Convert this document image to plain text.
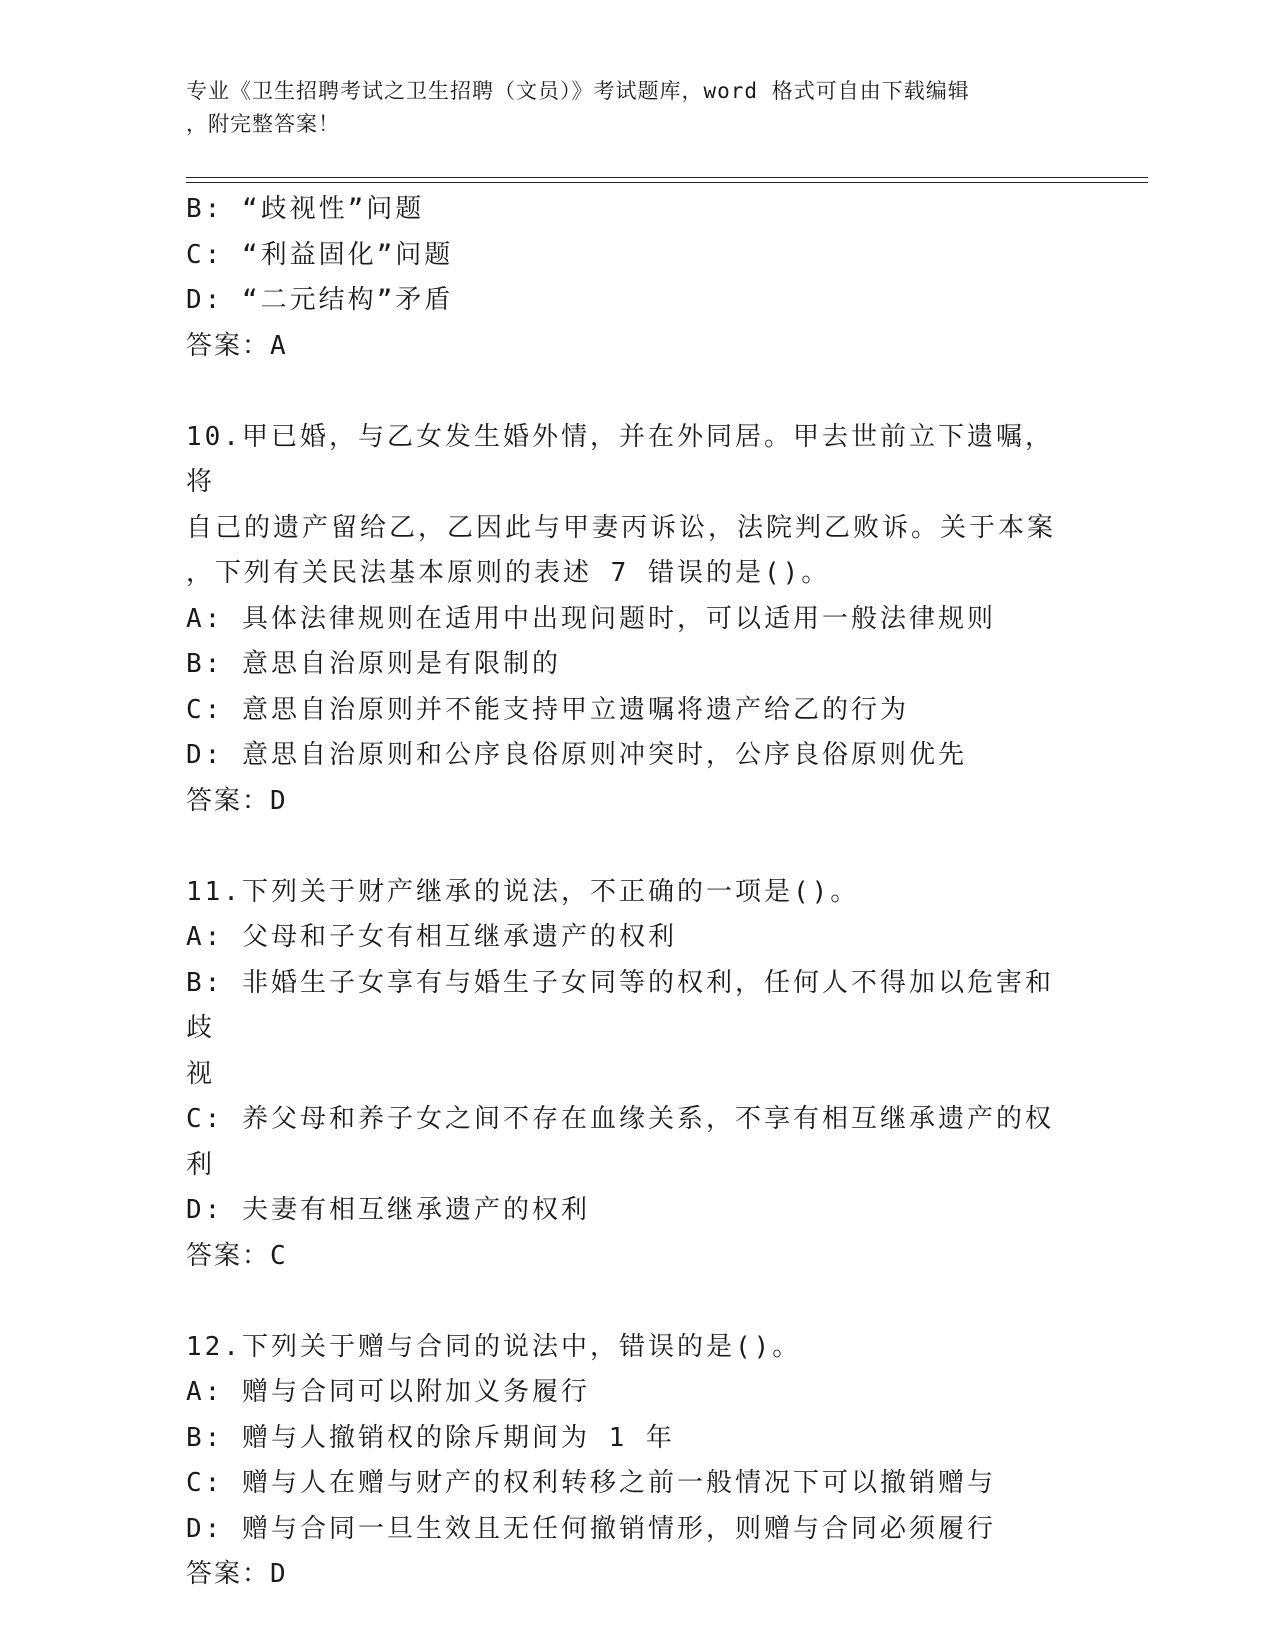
专业《卫生招聘考试之卫生招聘（文员）》考试题库，word 格式可自由下载编辑
，附完整答案！
B: “歧视性”问题
C: “利益固化”问题
D: “二元结构”矛盾
答案：A
10.甲已婚，与乙女发生婚外情，并在外同居。甲去世前立下遗嘱，将
自己的遗产留给乙，乙因此与甲妻丙诉讼，法院判乙败诉。关于本案
，下列有关民法基本原则的表述 7 错误的是()。
A: 具体法律规则在适用中出现问题时，可以适用一般法律规则
B: 意思自治原则是有限制的
C: 意思自治原则并不能支持甲立遗嘱将遗产给乙的行为
D: 意思自治原则和公序良俗原则冲突时，公序良俗原则优先
答案：D
11.下列关于财产继承的说法，不正确的一项是()。
A: 父母和子女有相互继承遗产的权利
B: 非婚生子女享有与婚生子女同等的权利，任何人不得加以危害和歧
视
C: 养父母和养子女之间不存在血缘关系，不享有相互继承遗产的权利
D: 夫妻有相互继承遗产的权利
答案：C
12.下列关于赠与合同的说法中，错误的是()。
A: 赠与合同可以附加义务履行
B: 赠与人撤销权的除斥期间为 1 年
C: 赠与人在赠与财产的权利转移之前一般情况下可以撤销赠与
D: 赠与合同一旦生效且无任何撤销情形，则赠与合同必须履行
答案：D
